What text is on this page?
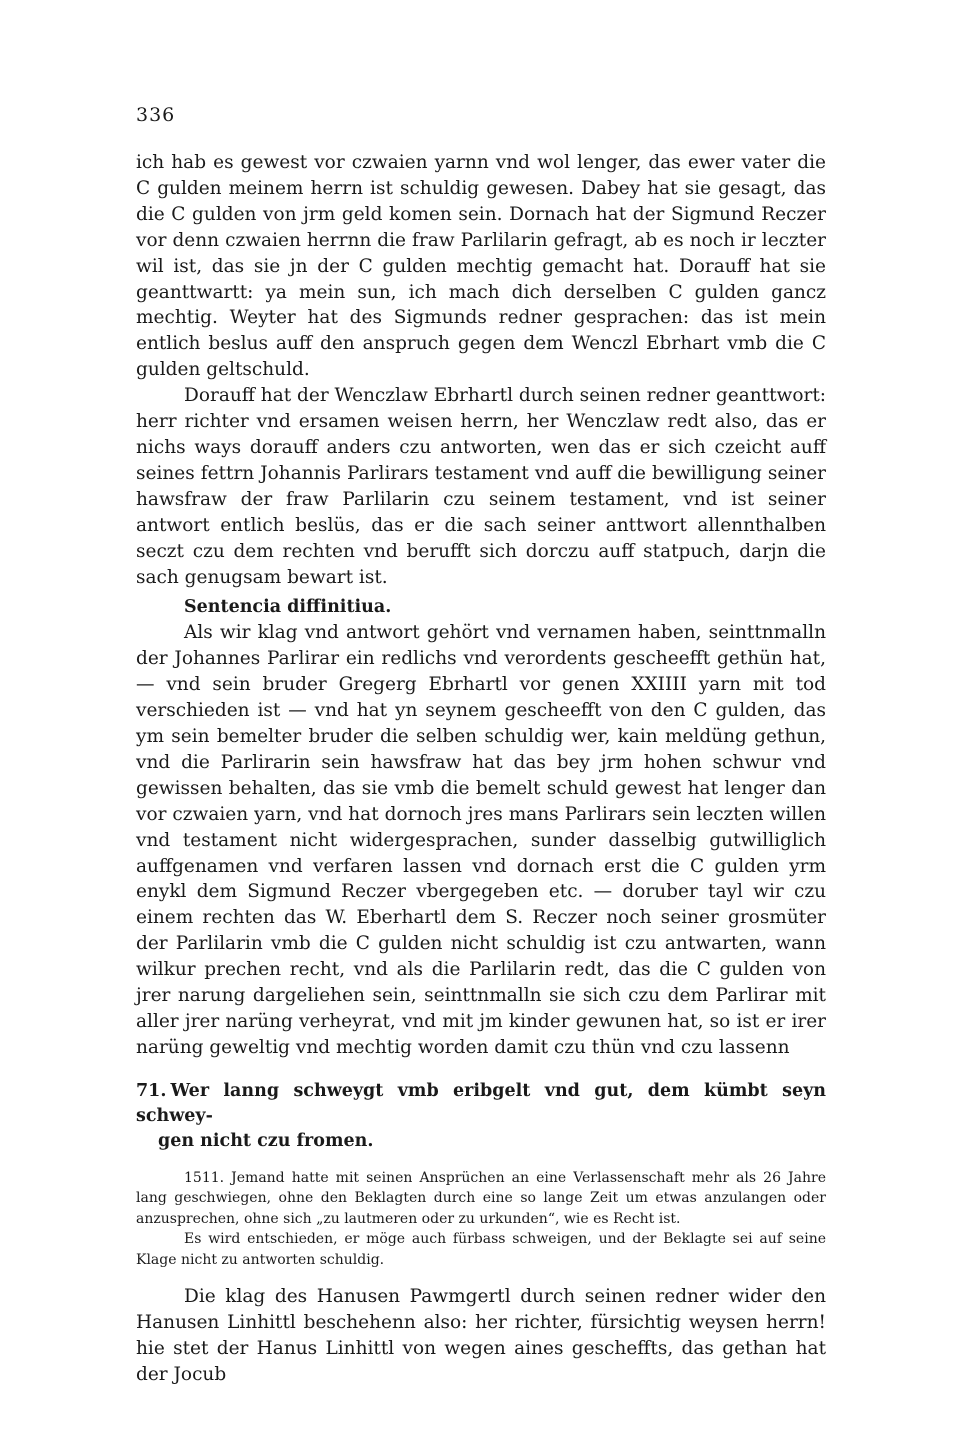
336

ich hab es gewest vor czwaien yarnn vnd wol lenger, das ewer vater die C gulden meinem herrn ist schuldig gewesen. Dabey hat sie gesagt, das die C gulden von jrm geld komen sein. Dornach hat der Sigmund Reczer vor denn czwaien herrnn die fraw Parlilarin gefragt, ab es noch ir leczter wil ist, das sie jn der C gulden mechtig gemacht hat. Dorauff hat sie geanttwartt: ya mein sun, ich mach dich derselben C gulden gancz mechtig. Weyter hat des Sigmunds redner gesprachen: das ist mein entlich beslus auff den anspruch gegen dem Wenczl Ebrhart vmb die C gulden geltschuld.

Dorauff hat der Wenczlaw Ebrhartl durch seinen redner geanttwort: herr richter vnd ersamen weisen herrn, her Wenczlaw redt also, das er nichs ways dorauff anders czu antworten, wen das er sich czeicht auff seines fettrn Johannis Parlirars testament vnd auff die bewilligung seiner hawsfraw der fraw Parlilarin czu seinem testament, vnd ist seiner antwort entlich beslüs, das er die sach seiner anttwort allennthalben seczt czu dem rechten vnd berufft sich dorczu auff statpuch, darjn die sach genugsam bewart ist.

Sentencia diffinitiua.

Als wir klag vnd antwort gehört vnd vernamen haben, seinttnmalln der Johannes Parlirar ein redlichs vnd verordents gescheefft gethün hat, — vnd sein bruder Gregerg Ebrhartl vor genen XXIIII yarn mit tod verschieden ist — vnd hat yn seynem gescheefft von den C gulden, das ym sein bemelter bruder die selben schuldig wer, kain meldüng gethun, vnd die Parlirarin sein hawsfraw hat das bey jrm hohen schwur vnd gewissen behalten, das sie vmb die bemelt schuld gewest hat lenger dan vor czwaien yarn, vnd hat dornoch jres mans Parlirars sein leczten willen vnd testament nicht widergesprachen, sunder dasselbig gutwilliglich auffgenamen vnd verfaren lassen vnd dornach erst die C gulden yrm enykl dem Sigmund Reczer vbergegeben etc. — doruber tayl wir czu einem rechten das W. Eberhartl dem S. Reczer noch seiner grosmüter der Parlilarin vmb die C gulden nicht schuldig ist czu antwarten, wann wilkur prechen recht, vnd als die Parlilarin redt, das die C gulden von jrer narung dargeliehen sein, seinttnmalln sie sich czu dem Parlirar mit aller jrer narüng verheyrat, vnd mit jm kinder gewunen hat, so ist er irer narüng geweltig vnd mechtig worden damit czu thün vnd czu lassenn

71. Wer lanng schweygt vmb eribgelt vnd gut, dem kümbt seyn schwey-
gen nicht czu fromen.

1511. Jemand hatte mit seinen Ansprüchen an eine Verlassenschaft mehr als 26 Jahre lang geschwiegen, ohne den Beklagten durch eine so lange Zeit um etwas anzulangen oder anzusprechen, ohne sich „zu lautmeren oder zu urkunden“, wie es Recht ist.

Es wird entschieden, er möge auch fürbass schweigen, und der Beklagte sei auf seine Klage nicht zu antworten schuldig.

Die klag des Hanusen Pawmgertl durch seinen redner wider den Hanusen Linhittl beschehenn also: her richter, fürsichtig weysen herrn! hie stet der Hanus Linhittl von wegen aines gescheffts, das gethan hat der Jocub
